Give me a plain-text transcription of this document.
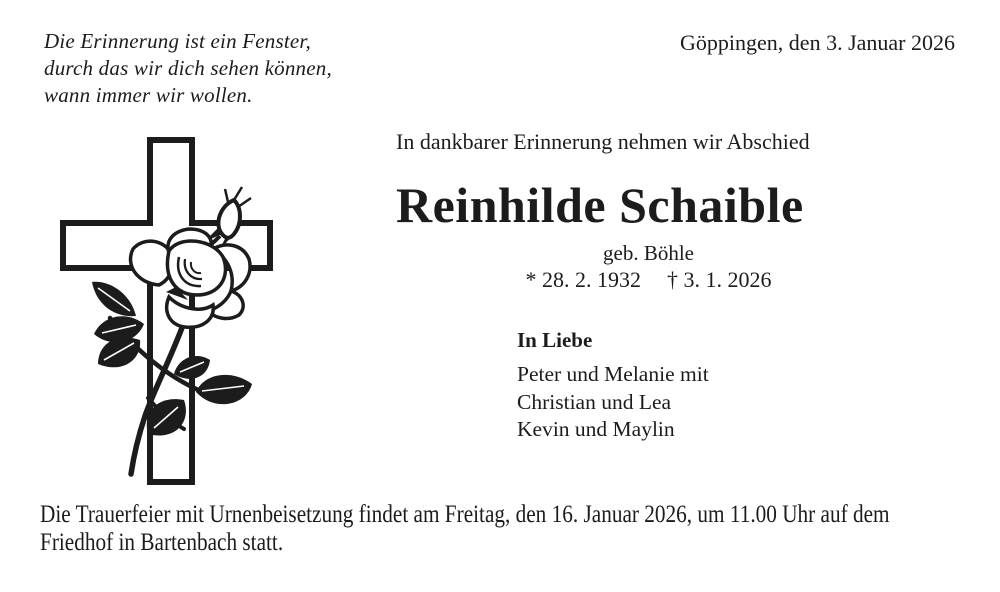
Die Erinnerung ist ein Fenster,
durch das wir dich sehen können,
wann immer wir wollen.
Göppingen, den 3. Januar 2026
In dankbarer Erinnerung nehmen wir Abschied
Reinhilde Schaible
geb. Böhle
* 28. 2. 1932 † 3. 1. 2026
In Liebe
Peter und Melanie mit
Christian und Lea
Kevin und Maylin
Die Trauerfeier mit Urnenbeisetzung findet am Freitag, den 16. Januar 2026, um 11.00 Uhr auf dem
Friedhof in Bartenbach statt.
